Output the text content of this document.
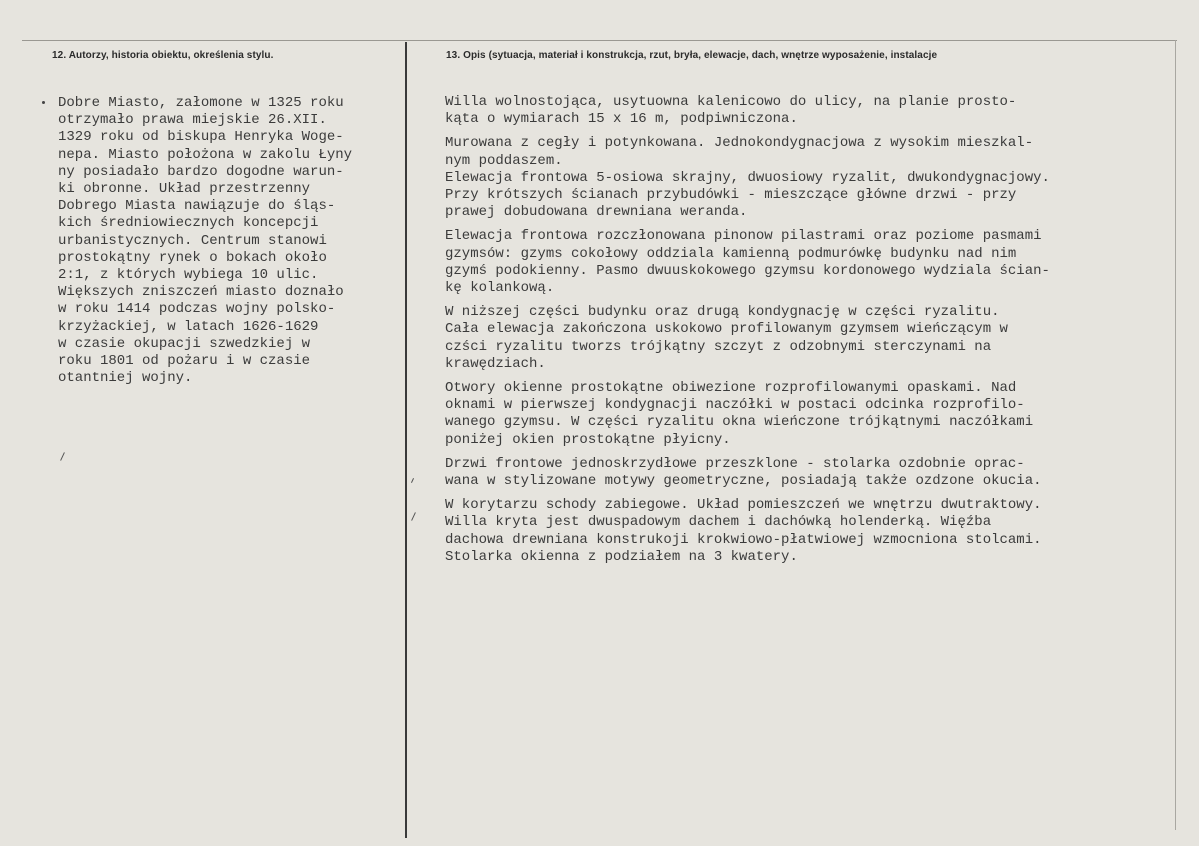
12. Autorzy, historia obiektu, określenia stylu.	13. Opis (sytuacja, materiał i konstrukcja, rzut, bryła, elewacje, dach, wnętrze wyposażenie, instalacje
Dobre Miasto, załomone w 1325 roku
otrzymało prawa miejskie 26.XII.
1329 roku od biskupa Henryka Woge-
nepa. Miasto położona w zakolu Łyny
ny posiadało bardzo dogodne warun-
ki obronne. Układ przestrzenny
Dobrego Miasta nawiązuje do śląs-
kich średniowiecznych koncepcji
urbanistycznych. Centrum stanowi
prostokątny rynek o bokach około
2:1, z których wybiega 10 ulic.
Większych zniszczeń miasto doznało
w roku 1414 podczas wojny polsko-
krzyżackiej, w latach 1626-1629
w czasie okupacji szwedzkiej w
roku 1801 od pożaru i w czasie
otantniej wojny.
Willa wolnostojąca, usytuowna kalenicowo do ulicy, na planie prosto-
kąta o wymiarach 15 x 16 m, podpiwniczona.
Murowana z cegły i potynkowana. Jednokondygnacjowa z wysokim mieszkal-
nym poddaszem.
Elewacja frontowa 5-osiowa skrajny, dwuosiowy ryzalit, dwukondygnacjowy.
Przy krótszych ścianach przybudówki - mieszczące główne drzwi - przy
prawej dobudowana drewniana weranda.
Elewacja frontowa rozczłonowana pinonow pilastrami oraz poziome pasmami
gzymsów: gzyms cokołowy oddziala kamienną podmurówkę budynku nad nim
gzymś podokienny. Pasmo dwuuskokowego gzymsu kordonowego wydziala ścian-
kę kolankową.
W niższej części budynku oraz drugą kondygnację w części ryzalitu.
Cała elewacja zakończona uskokowo profilowanym gzymsem wieńczącym w
czści ryzalitu tworzs trójkątny szczyt z odzobnymi sterczynami na
krawędziach.
Otwory okienne prostokątne obiwezione rozprofilowanymi opaskami. Nad
oknami w pierwszej kondygnacji naczółki w postaci odcinka rozprofilo-
wanego gzymsu. W części ryzalitu okna wieńczone trójkątnymi naczółkami
poniżej okien prostokątne płyicny.
Drzwi frontowe jednoskrzydłowe przeszklone - stolarka ozdobnie oprac-
wana w stylizowane motywy geometryczne, posiadają także ozdzone okucia.
W korytarzu schody zabiegowe. Układ pomieszczeń we wnętrzu dwutraktowy.
Willa kryta jest dwuspadowym dachem i dachówką holenderką. Więźba
dachowa drewniana konstrukoji krokwiowo-płatwiowej wzmocniona stolcami.
Stolarka okienna z podziałem na 3 kwatery.
